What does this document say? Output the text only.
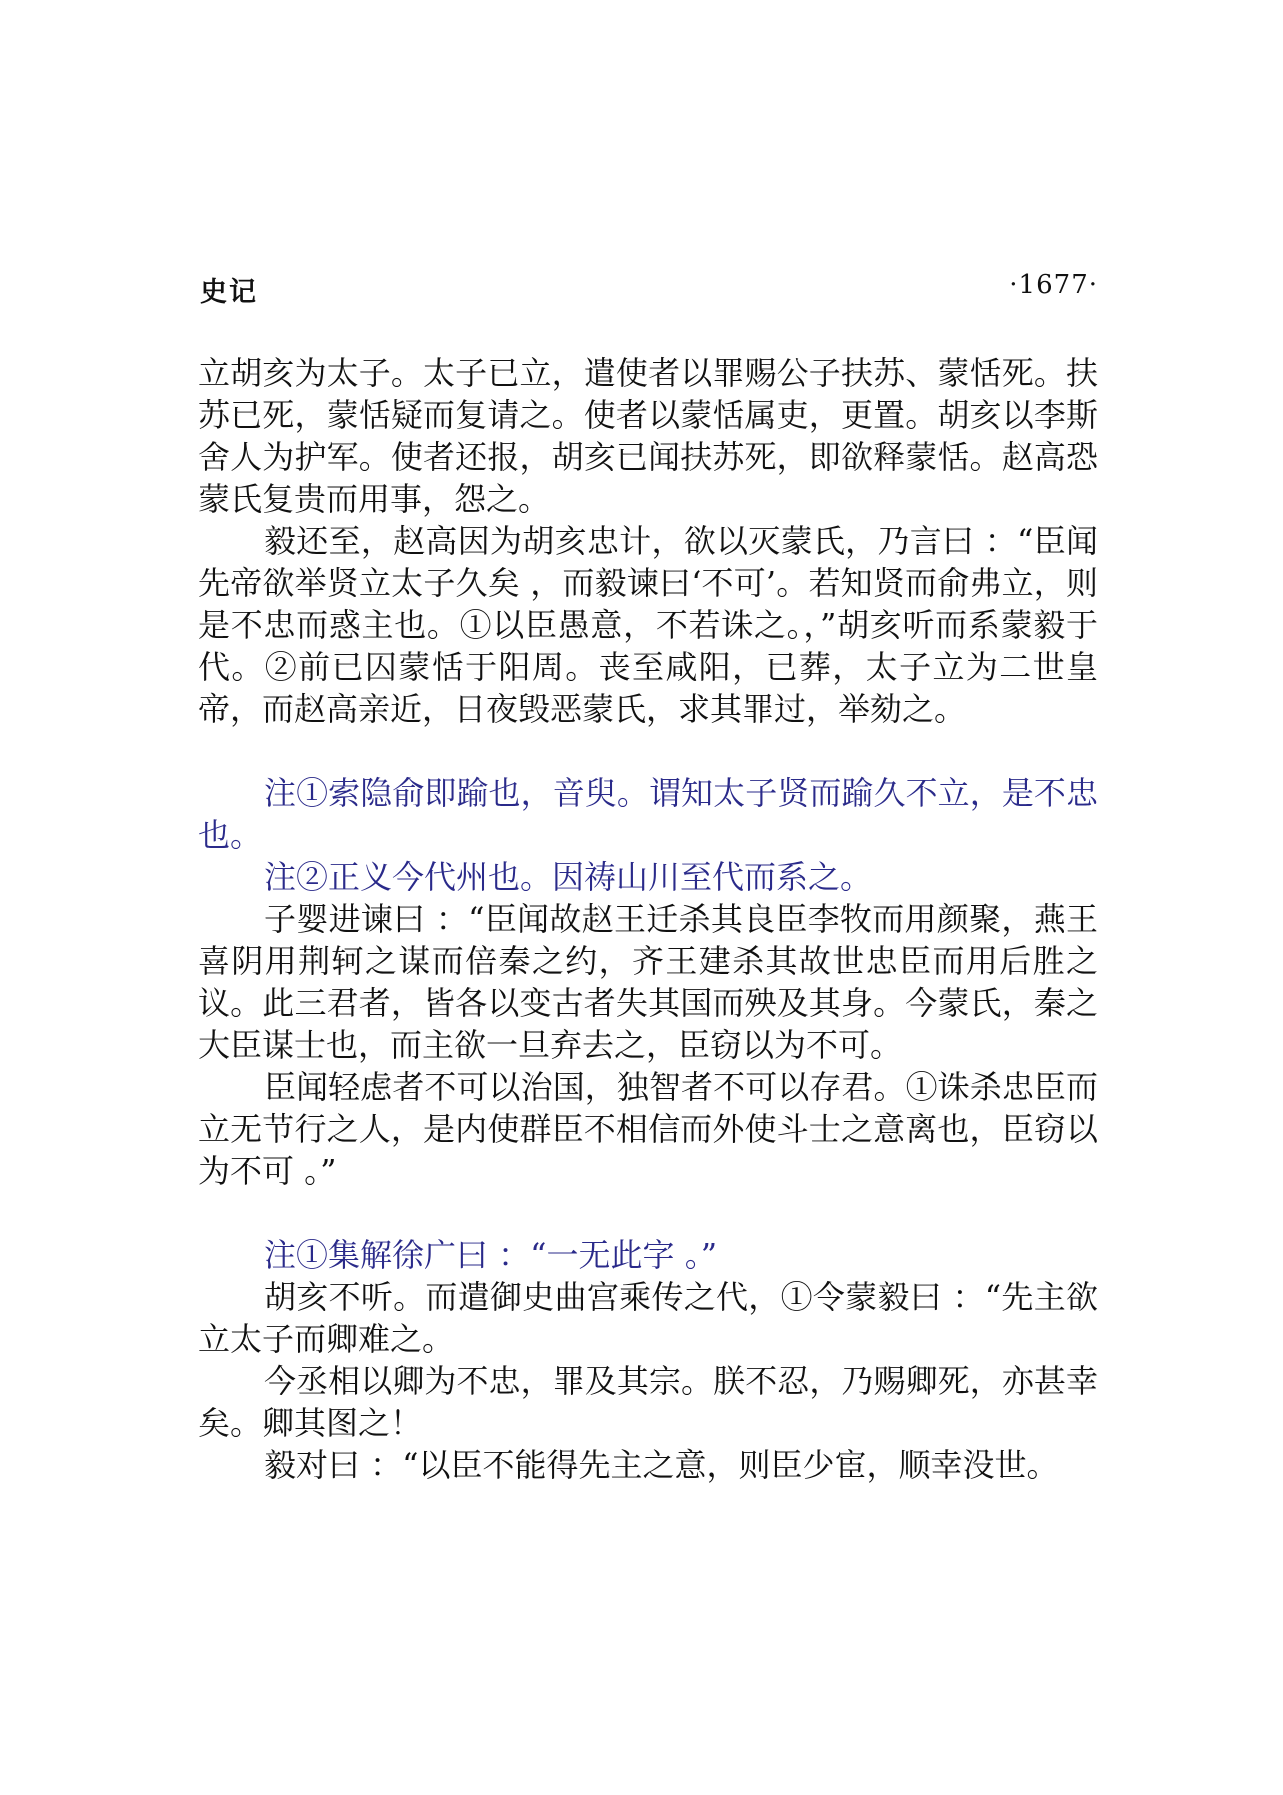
史记	·1677·

立胡亥为太子。太子已立，遣使者以罪赐公子扶苏、蒙恬死。扶苏已死，蒙恬疑而复请之。使者以蒙恬属吏，更置。胡亥以李斯舍人为护军。使者还报，胡亥已闻扶苏死，即欲释蒙恬。赵高恐蒙氏复贵而用事，怨之。

毅还至，赵高因为胡亥忠计，欲以灭蒙氏，乃言曰 ：“臣闻先帝欲举贤立太子久矣 ，而毅谏曰‘不可’。若知贤而俞弗立，则是不忠而惑主也。①以臣愚意，不若诛之。，”胡亥听而系蒙毅于代。②前已囚蒙恬于阳周。丧至咸阳，已葬，太子立为二世皇帝，而赵高亲近，日夜毁恶蒙氏，求其罪过，举劾之。

注①索隐俞即踰也，音臾。谓知太子贤而踰久不立，是不忠也。

注②正义今代州也。因祷山川至代而系之。

子婴进谏曰 ：“臣闻故赵王迁杀其良臣李牧而用颜聚，燕王喜阴用荆轲之谋而倍秦之约，齐王建杀其故世忠臣而用后胜之议。此三君者，皆各以变古者失其国而殃及其身。今蒙氏，秦之大臣谋士也，而主欲一旦弃去之，臣窃以为不可。

臣闻轻虑者不可以治国，独智者不可以存君。①诛杀忠臣而立无节行之人，是内使群臣不相信而外使斗士之意离也，臣窃以为不可 。”

注①集解徐广曰 ：“一无此字 。”

胡亥不听。而遣御史曲宫乘传之代，①令蒙毅曰 ：“先主欲立太子而卿难之。

今丞相以卿为不忠，罪及其宗。朕不忍，乃赐卿死，亦甚幸矣。卿其图之！

毅对曰 ：“以臣不能得先主之意，则臣少宦，顺幸没世。
